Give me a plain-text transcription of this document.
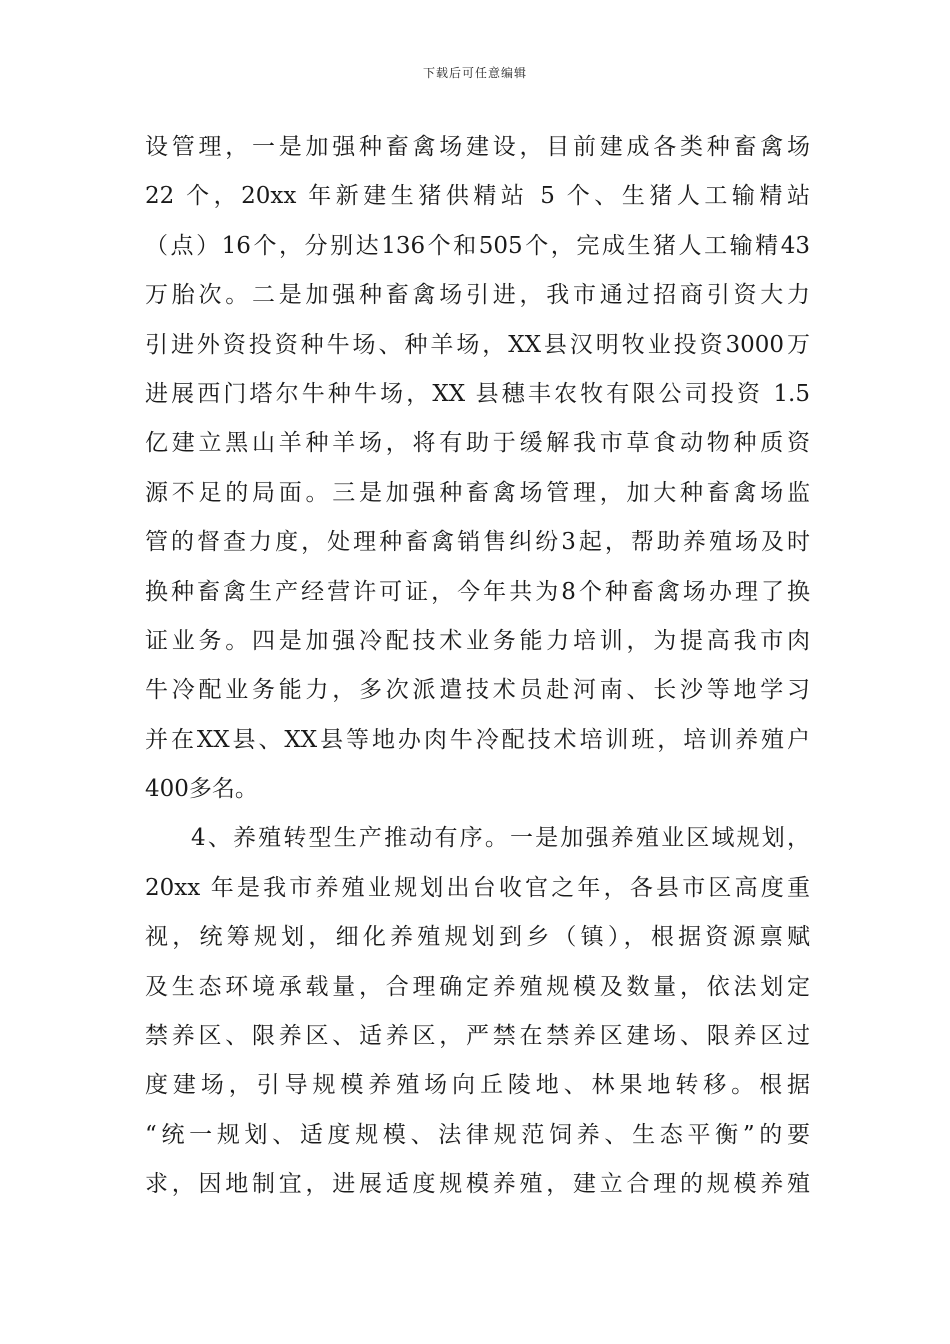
下载后可任意编辑
设管理，一是加强种畜禽场建设，目前建成各类种畜禽场
22 个，20xx 年新建生猪供精站 5 个、生猪人工输精站
（点）16个，分别达136个和505个，完成生猪人工输精43
万胎次。二是加强种畜禽场引进，我市通过招商引资大力
引进外资投资种牛场、种羊场，XX县汉明牧业投资3000万
进展西门塔尔牛种牛场，XX 县穗丰农牧有限公司投资 1.5
亿建立黑山羊种羊场，将有助于缓解我市草食动物种质资
源不足的局面。三是加强种畜禽场管理，加大种畜禽场监
管的督查力度，处理种畜禽销售纠纷3起，帮助养殖场及时
换种畜禽生产经营许可证，今年共为8个种畜禽场办理了换
证业务。四是加强冷配技术业务能力培训，为提高我市肉
牛冷配业务能力，多次派遣技术员赴河南、长沙等地学习
并在XX县、XX县等地办肉牛冷配技术培训班，培训养殖户
400多名。
4、养殖转型生产推动有序。一是加强养殖业区域规划，
20xx 年是我市养殖业规划出台收官之年，各县市区高度重
视，统筹规划，细化养殖规划到乡（镇），根据资源禀赋
及生态环境承载量，合理确定养殖规模及数量，依法划定
禁养区、限养区、适养区，严禁在禁养区建场、限养区过
度建场，引导规模养殖场向丘陵地、林果地转移。根据
“统一规划、适度规模、法律规范饲养、生态平衡”的要
求，因地制宜，进展适度规模养殖，建立合理的规模养殖
